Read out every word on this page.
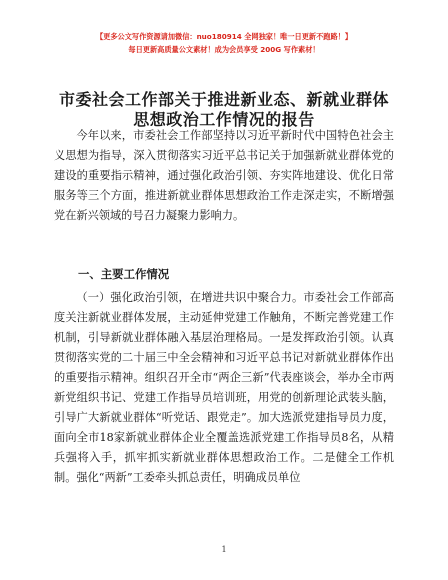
【更多公文写作资源请加微信：nuo180914 全网独家！唯一日更新不跑路！】
每日更新高质量公文素材！成为会员享受 200G 写作素材！
市委社会工作部关于推进新业态、新就业群体
思想政治工作情况的报告
今年以来，市委社会工作部坚持以习近平新时代中国特色社会主义思想为指导，深入贯彻落实习近平总书记关于加强新就业群体党的建设的重要指示精神，通过强化政治引领、夯实阵地建设、优化日常服务等三个方面，推进新就业群体思想政治工作走深走实，不断增强党在新兴领域的号召力凝聚力影响力。
一、主要工作情况
（一）强化政治引领，在增进共识中聚合力。市委社会工作部高度关注新就业群体发展，主动延伸党建工作触角，不断完善党建工作机制，引导新就业群体融入基层治理格局。一是发挥政治引领。认真贯彻落实党的二十届三中全会精神和习近平总书记对新就业群体作出的重要指示精神。组织召开全市“两企三新”代表座谈会，举办全市两新党组织书记、党建工作指导员培训班，用党的创新理论武装头脑，引导广大新就业群体“听党话、跟党走”。加大选派党建指导员力度，面向全市18家新就业群体企业全覆盖选派党建工作指导员8名，从精兵强将入手，抓牢抓实新就业群体思想政治工作。二是健全工作机制。强化“两新”工委牵头抓总责任，明确成员单位
1
